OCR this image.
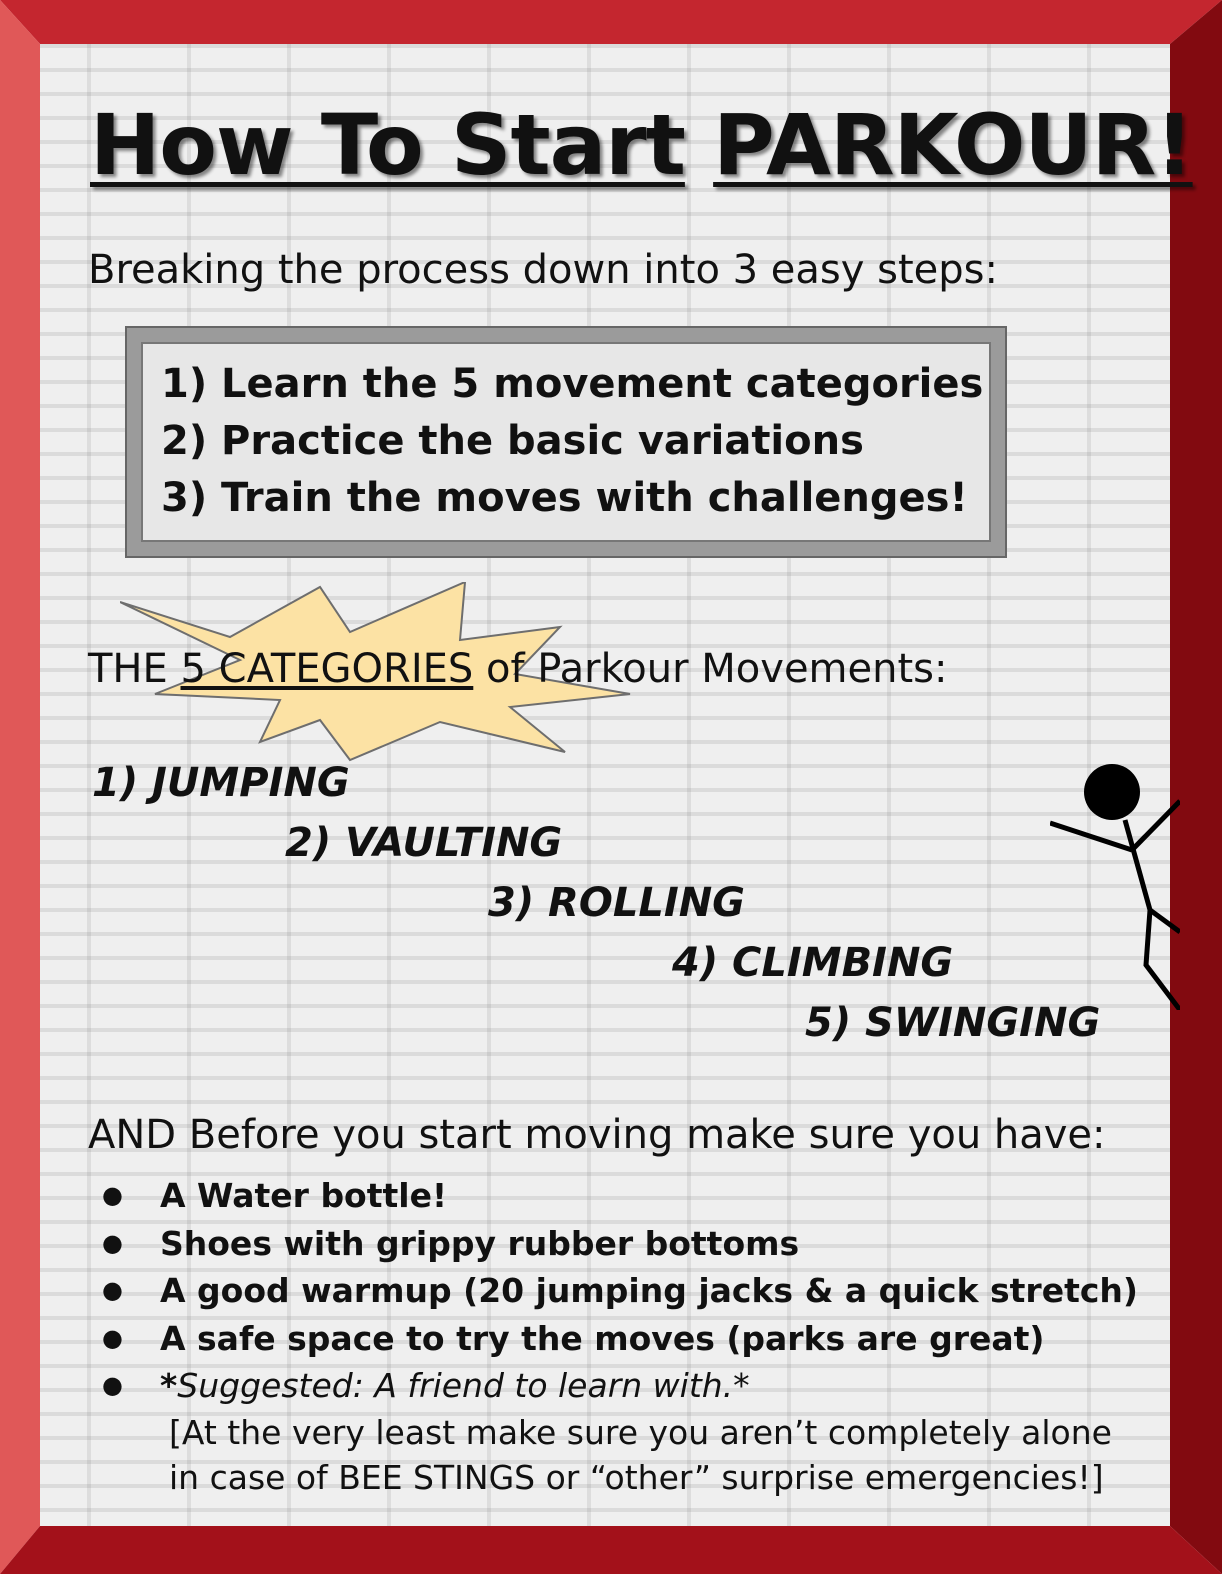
How To Start PARKOUR!
Breaking the process down into 3 easy steps:
1) Learn the 5 movement categories
2) Practice the basic variations
3) Train the moves with challenges!
THE 5 CATEGORIES of Parkour Movements:
1) JUMPING
2) VAULTING
3) ROLLING
4) CLIMBING
5) SWINGING
AND Before you start moving make sure you have:
● A Water bottle!
● Shoes with grippy rubber bottoms
● A good warmup (20 jumping jacks & a quick stretch)
● A safe space to try the moves (parks are great)
● *Suggested: A friend to learn with.*
[At the very least make sure you aren’t completely alone
in case of BEE STINGS or “other” surprise emergencies!]
